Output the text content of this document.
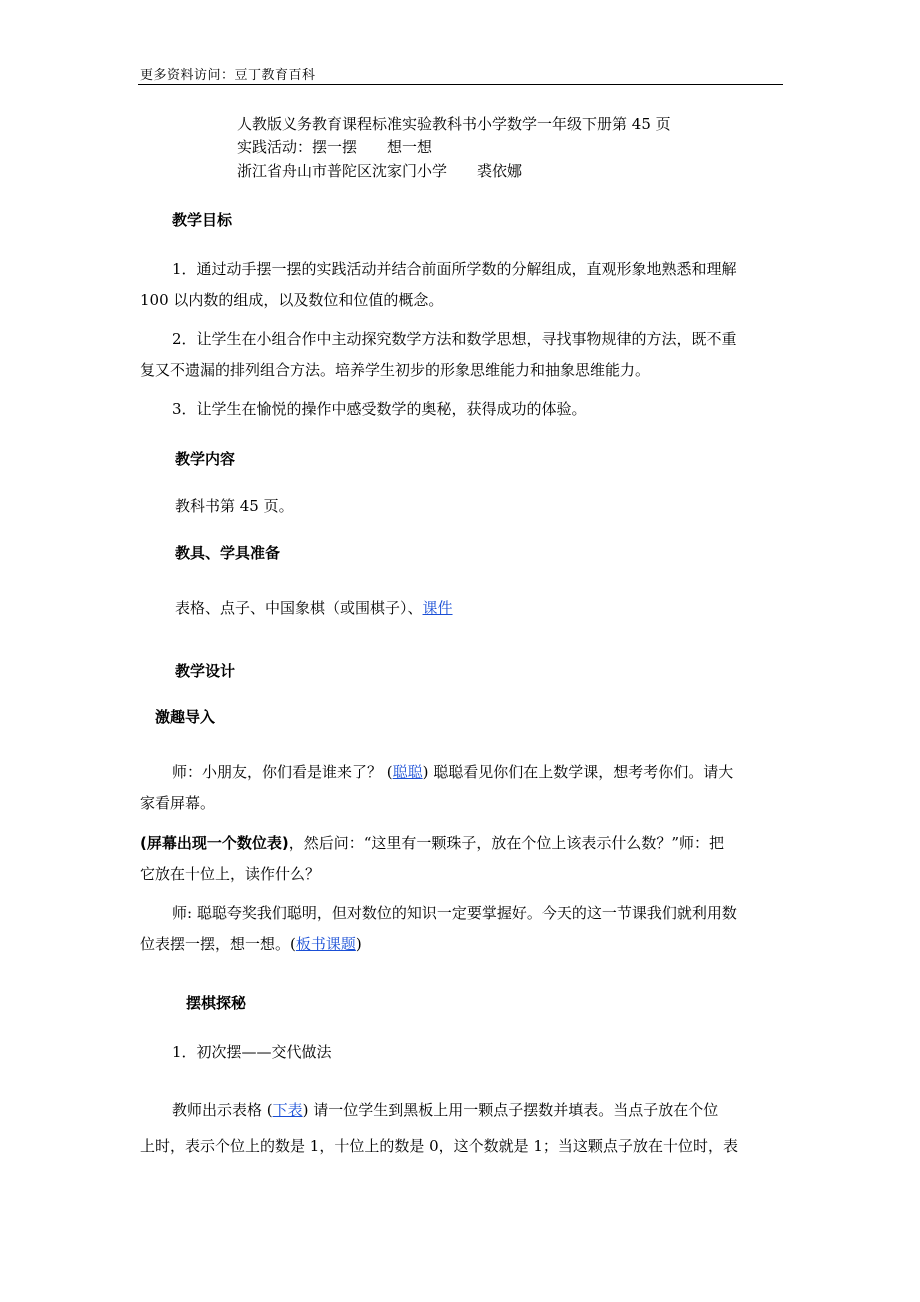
更多资料访问：豆丁教育百科
人教版义务教育课程标准实验教科书小学数学一年级下册第 45 页
实践活动：摆一摆　　想一想
浙江省舟山市普陀区沈家门小学　　裘依娜
教学目标
1．通过动手摆一摆的实践活动并结合前面所学数的分解组成，直观形象地熟悉和理解
100 以内数的组成，以及数位和位值的概念。
2．让学生在小组合作中主动探究数学方法和数学思想，寻找事物规律的方法，既不重
复又不遗漏的排列组合方法。培养学生初步的形象思维能力和抽象思维能力。
3．让学生在愉悦的操作中感受数学的奥秘，获得成功的体验。
教学内容
教科书第 45 页。
教具、学具准备
表格、点子、中国象棋（或围棋子）、课件
教学设计
激趣导入
师：小朋友，你们看是谁来了？ (聪聪) 聪聪看见你们在上数学课，想考考你们。请大
家看屏幕。
(屏幕出现一个数位表)，然后问：“这里有一颗珠子，放在个位上该表示什么数？”师：把
它放在十位上，读作什么？
师: 聪聪夸奖我们聪明，但对数位的知识一定要掌握好。今天的这一节课我们就利用数
位表摆一摆，想一想。(板书课题)
摆棋探秘
1．初次摆——交代做法
教师出示表格 (下表) 请一位学生到黑板上用一颗点子摆数并填表。当点子放在个位
上时，表示个位上的数是 1，十位上的数是 0，这个数就是 1；当这颗点子放在十位时，表
